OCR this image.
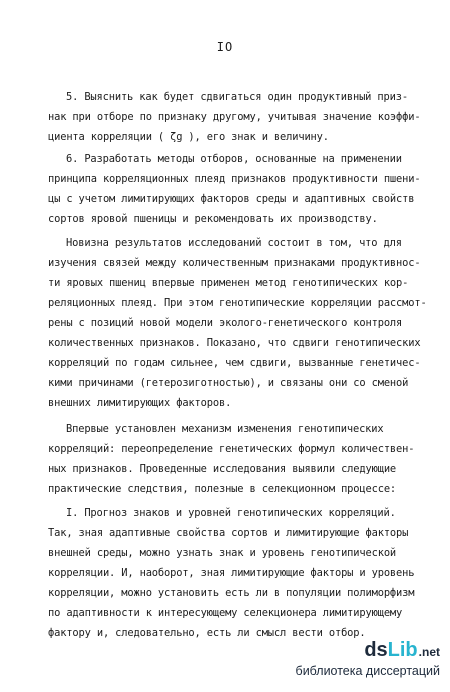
IO
5. Выяснить как будет сдвигаться один продуктивный приз-
нак при отборе по признаку другому, учитывая значение коэффи-
циента корреляции ( ζg ), его знак и величину.
6. Разработать методы отборов, основанные на применении
принципа корреляционных плеяд признаков продуктивности пшени-
цы с учетом лимитирующих факторов среды и адаптивных свойств
сортов яровой пшеницы и рекомендовать их производству.
Новизна результатов исследований состоит в том, что для
изучения связей между количественным признаками продуктивнос-
ти яровых пшениц впервые применен метод генотипических кор-
реляционных плеяд. При этом генотипические корреляции рассмот-
рены с позиций новой модели эколого-генетического контроля
количественных признаков. Показано, что сдвиги генотипических
корреляций по годам сильнее, чем сдвиги, вызванные генетичес-
кими причинами (гетерозиготностью), и связаны они со сменой
внешних лимитирующих факторов.
Впервые установлен механизм изменения генотипических
корреляций: переопределение генетических формул количествен-
ных признаков. Проведенные исследования выявили следующие
практические следствия, полезные в селекционном процессе:
I. Прогноз знаков и уровней генотипических корреляций.
Так, зная адаптивные свойства сортов и лимитирующие факторы
внешней среды, можно узнать знак и уровень генотипической
корреляции. И, наоборот, зная лимитирующие факторы и уровень
корреляции, можно установить есть ли в популяции полиморфизм
по адаптивности к интересующему селекционера лимитирующему
фактору и, следовательно, есть ли смысл вести отбор.
ds Lib .net
библиотека диссертаций
